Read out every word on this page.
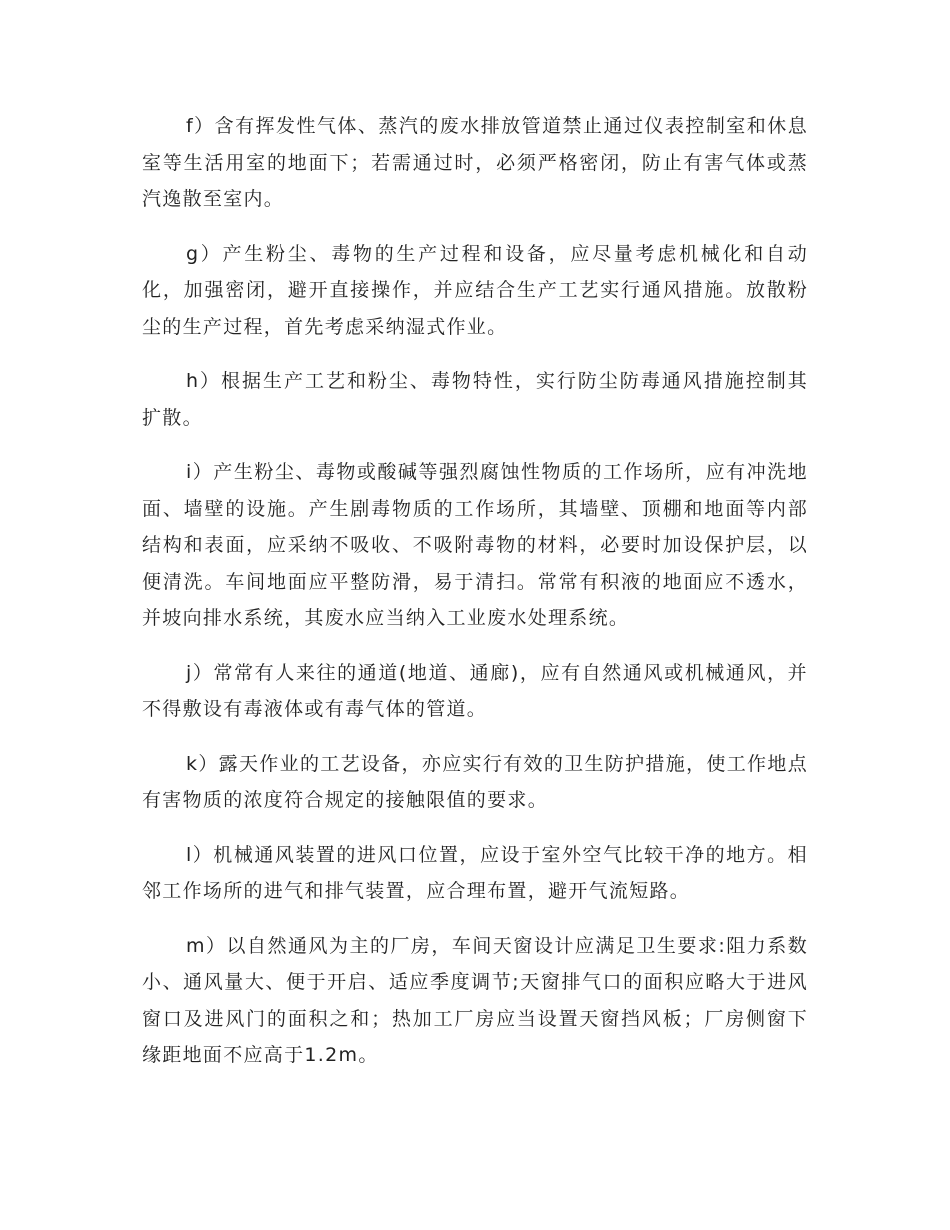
f）含有挥发性气体、蒸汽的废水排放管道禁止通过仪表控制室和休息室等生活用室的地面下；若需通过时，必须严格密闭，防止有害气体或蒸汽逸散至室内。

g）产生粉尘、毒物的生产过程和设备，应尽量考虑机械化和自动化，加强密闭，避开直接操作，并应结合生产工艺实行通风措施。放散粉尘的生产过程，首先考虑采纳湿式作业。

h）根据生产工艺和粉尘、毒物特性，实行防尘防毒通风措施控制其扩散。

i）产生粉尘、毒物或酸碱等强烈腐蚀性物质的工作场所，应有冲洗地面、墙壁的设施。产生剧毒物质的工作场所，其墙壁、顶棚和地面等内部结构和表面，应采纳不吸收、不吸附毒物的材料，必要时加设保护层，以便清洗。车间地面应平整防滑，易于清扫。常常有积液的地面应不透水，并坡向排水系统，其废水应当纳入工业废水处理系统。

j）常常有人来往的通道(地道、通廊)，应有自然通风或机械通风，并不得敷设有毒液体或有毒气体的管道。

k）露天作业的工艺设备，亦应实行有效的卫生防护措施，使工作地点有害物质的浓度符合规定的接触限值的要求。

l）机械通风装置的进风口位置，应设于室外空气比较干净的地方。相邻工作场所的进气和排气装置，应合理布置，避开气流短路。

m）以自然通风为主的厂房，车间天窗设计应满足卫生要求:阻力系数小、通风量大、便于开启、适应季度调节;天窗排气口的面积应略大于进风窗口及进风门的面积之和；热加工厂房应当设置天窗挡风板；厂房侧窗下缘距地面不应高于1.2m。
